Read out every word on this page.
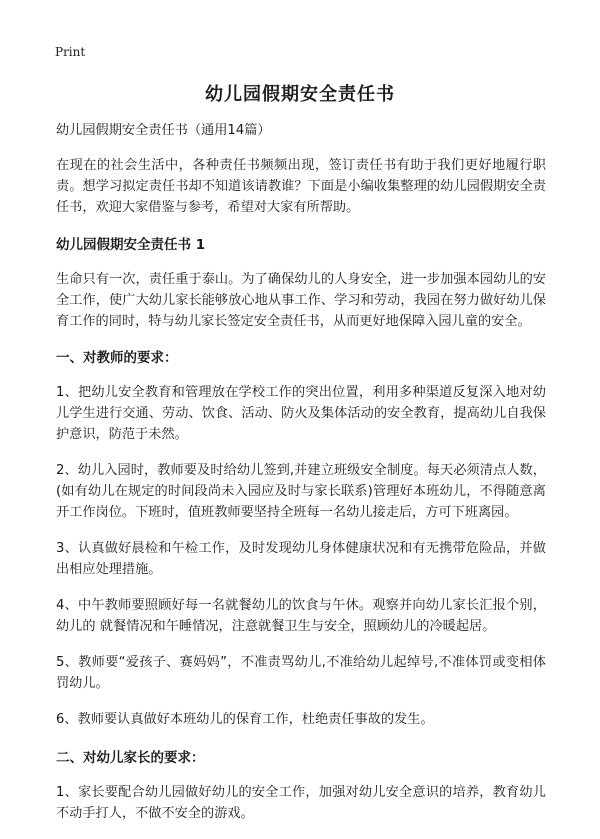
Print
幼儿园假期安全责任书

幼儿园假期安全责任书（通用14篇）

在现在的社会生活中，各种责任书频频出现，签订责任书有助于我们更好地履行职责。想学习拟定责任书却不知道该请教谁？下面是小编收集整理的幼儿园假期安全责任书，欢迎大家借鉴与参考，希望对大家有所帮助。

幼儿园假期安全责任书 1

生命只有一次，责任重于泰山。为了确保幼儿的人身安全，进一步加强本园幼儿的安全工作，使广大幼儿家长能够放心地从事工作、学习和劳动，我园在努力做好幼儿保育工作的同时，特与幼儿家长签定安全责任书，从而更好地保障入园儿童的安全。

一、对教师的要求：

1、把幼儿安全教育和管理放在学校工作的突出位置，利用多种渠道反复深入地对幼儿学生进行交通、劳动、饮食、活动、防火及集体活动的安全教育，提高幼儿自我保护意识，防范于未然。

2、幼儿入园时，教师要及时给幼儿签到,并建立班级安全制度。每天必须清点人数，(如有幼儿在规定的时间段尚未入园应及时与家长联系)管理好本班幼儿，不得随意离开工作岗位。下班时，值班教师要坚持全班每一名幼儿接走后，方可下班离园。

3、认真做好晨检和午检工作，及时发现幼儿身体健康状况和有无携带危险品，并做出相应处理措施。

4、中午教师要照顾好每一名就餐幼儿的饮食与午休。观察并向幼儿家长汇报个别，幼儿的 就餐情况和午睡情况，注意就餐卫生与安全，照顾幼儿的冷暖起居。

5、教师要“爱孩子、赛妈妈”，不准责骂幼儿,不准给幼儿起绰号,不准体罚或变相体罚幼儿。

6、教师要认真做好本班幼儿的保育工作，杜绝责任事故的发生。

二、对幼儿家长的要求：

1、家长要配合幼儿园做好幼儿的安全工作，加强对幼儿安全意识的培养，教育幼儿不动手打人，不做不安全的游戏。
